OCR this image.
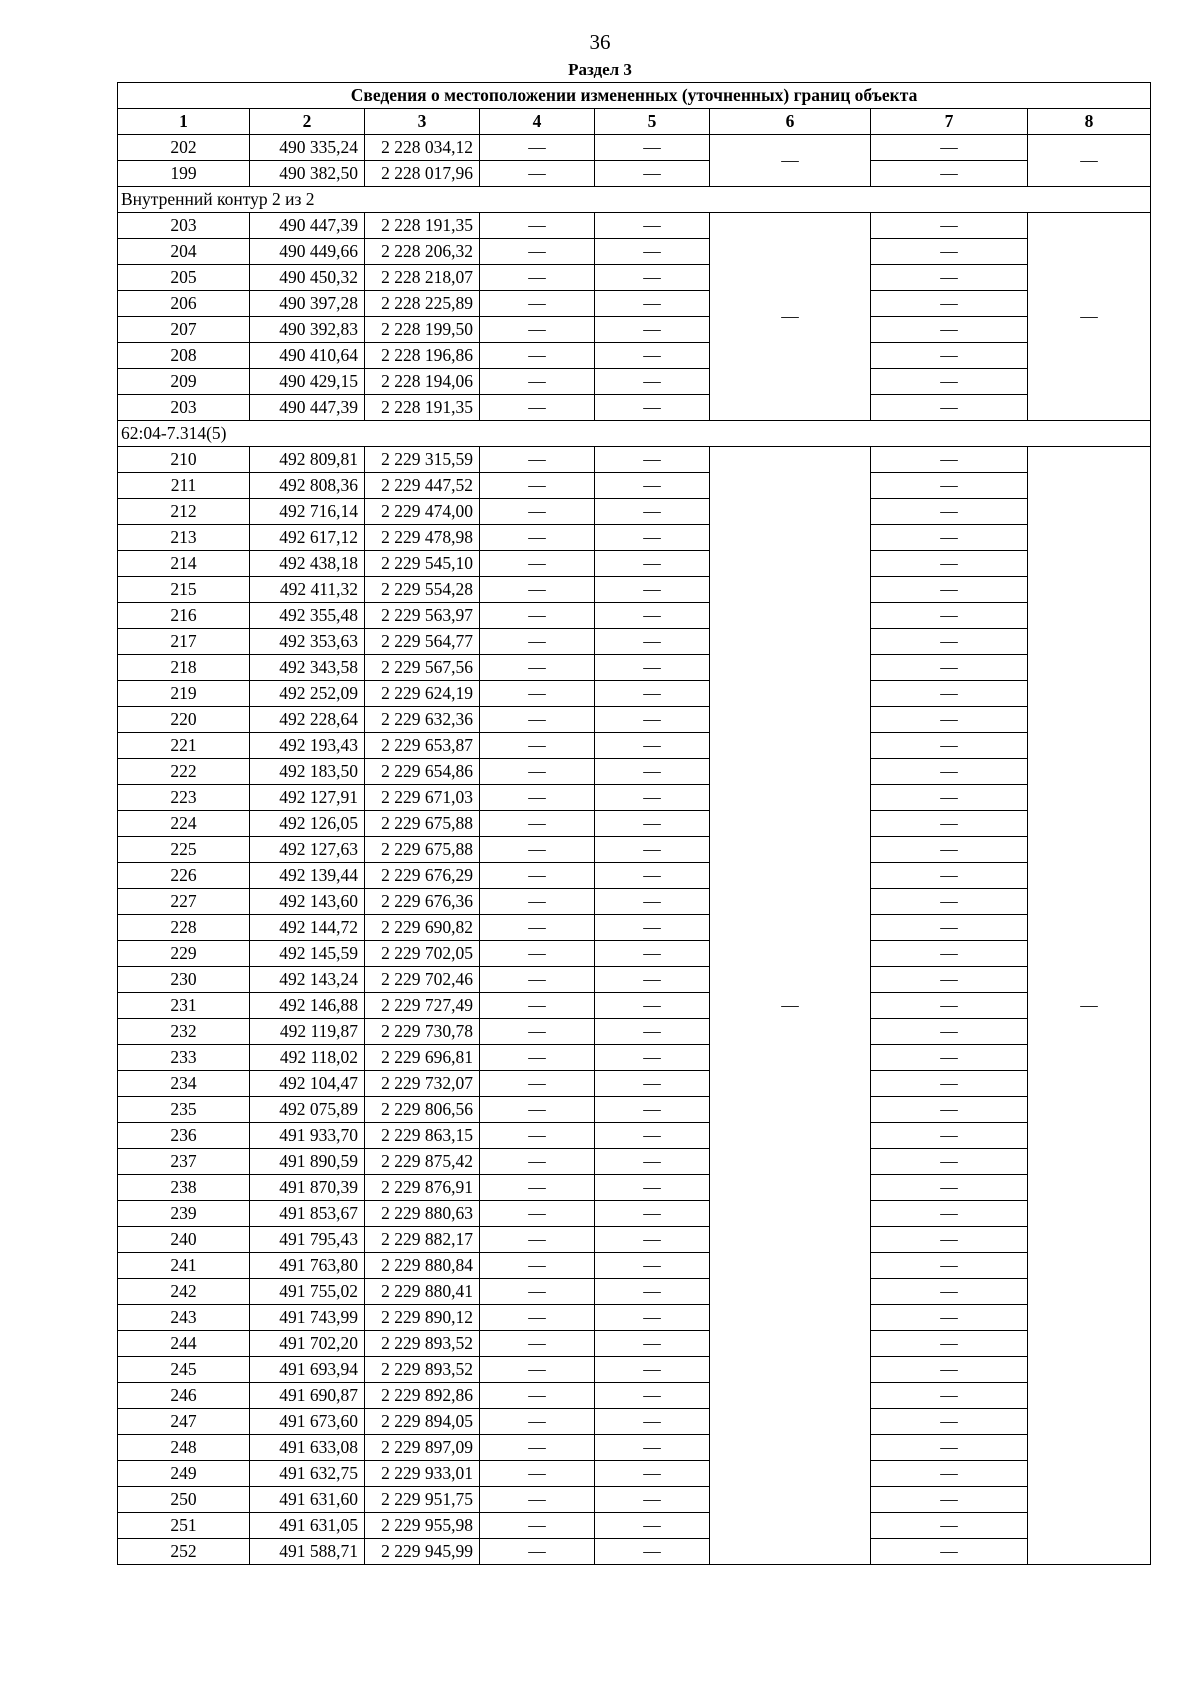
36
Раздел 3
Сведения о местоположении измененных (уточненных) границ объекта							
1	2	3	4	5	6	7	8
202	490 335,24	2 228 034,12	—	—	—	—	—
199	490 382,50	2 228 017,96	—	—		—	
Внутренний контур 2 из 2							
203	490 447,39	2 228 191,35	—	—	—	—	—
204	490 449,66	2 228 206,32	—	—		—	
205	490 450,32	2 228 218,07	—	—		—	
206	490 397,28	2 228 225,89	—	—		—	
207	490 392,83	2 228 199,50	—	—		—	
208	490 410,64	2 228 196,86	—	—		—	
209	490 429,15	2 228 194,06	—	—		—	
203	490 447,39	2 228 191,35	—	—		—	
62:04-7.314(5)							
210	492 809,81	2 229 315,59	—	—	—	—	—
211	492 808,36	2 229 447,52	—	—		—	
212	492 716,14	2 229 474,00	—	—		—	
213	492 617,12	2 229 478,98	—	—		—	
214	492 438,18	2 229 545,10	—	—		—	
215	492 411,32	2 229 554,28	—	—		—	
216	492 355,48	2 229 563,97	—	—		—	
217	492 353,63	2 229 564,77	—	—		—	
218	492 343,58	2 229 567,56	—	—		—	
219	492 252,09	2 229 624,19	—	—		—	
220	492 228,64	2 229 632,36	—	—		—	
221	492 193,43	2 229 653,87	—	—		—	
222	492 183,50	2 229 654,86	—	—		—	
223	492 127,91	2 229 671,03	—	—		—	
224	492 126,05	2 229 675,88	—	—		—	
225	492 127,63	2 229 675,88	—	—		—	
226	492 139,44	2 229 676,29	—	—		—	
227	492 143,60	2 229 676,36	—	—		—	
228	492 144,72	2 229 690,82	—	—		—	
229	492 145,59	2 229 702,05	—	—		—	
230	492 143,24	2 229 702,46	—	—		—	
231	492 146,88	2 229 727,49	—	—		—	
232	492 119,87	2 229 730,78	—	—		—	
233	492 118,02	2 229 696,81	—	—		—	
234	492 104,47	2 229 732,07	—	—		—	
235	492 075,89	2 229 806,56	—	—		—	
236	491 933,70	2 229 863,15	—	—		—	
237	491 890,59	2 229 875,42	—	—		—	
238	491 870,39	2 229 876,91	—	—		—	
239	491 853,67	2 229 880,63	—	—		—	
240	491 795,43	2 229 882,17	—	—		—	
241	491 763,80	2 229 880,84	—	—		—	
242	491 755,02	2 229 880,41	—	—		—	
243	491 743,99	2 229 890,12	—	—		—	
244	491 702,20	2 229 893,52	—	—		—	
245	491 693,94	2 229 893,52	—	—		—	
246	491 690,87	2 229 892,86	—	—		—	
247	491 673,60	2 229 894,05	—	—		—	
248	491 633,08	2 229 897,09	—	—		—	
249	491 632,75	2 229 933,01	—	—		—	
250	491 631,60	2 229 951,75	—	—		—	
251	491 631,05	2 229 955,98	—	—		—	
252	491 588,71	2 229 945,99	—	—		—	
